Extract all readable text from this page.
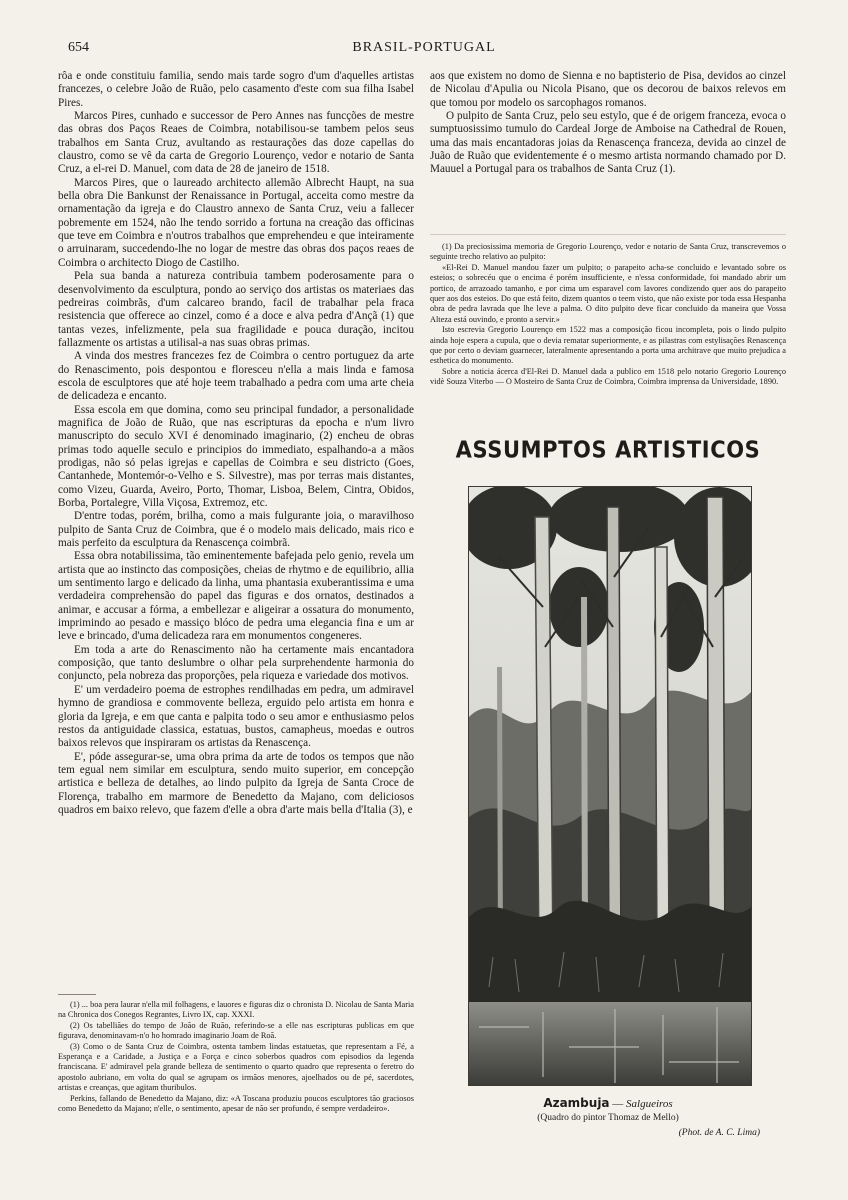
654	BRASIL-PORTUGAL

rôa e onde constituiu familia, sendo mais tarde sogro d'um d'aquelles artistas francezes, o celebre João de Ruão, pelo casamento d'este com sua filha Isabel Pires.

Marcos Pires, cunhado e successor de Pero Annes nas funcções de mestre das obras dos Paços Reaes de Coimbra, notabilisou-se tambem pelos seus trabalhos em Santa Cruz, avultando as restaurações das doze capellas do claustro, como se vê da carta de Gregorio Lourenço, vedor e notario de Santa Cruz, a el-rei D. Manuel, com data de 28 de janeiro de 1518.

Marcos Pires, que o laureado architecto allemão Albrecht Haupt, na sua bella obra Die Bankunst der Renaissance in Portugal, acceita como mestre da ornamentação da igreja e do Claustro annexo de Santa Cruz, veiu a fallecer pobremente em 1524, não lhe tendo sorrido a fortuna na creação das officinas que teve em Coimbra e n'outros trabalhos que emprehendeu e que inteiramente o arruinaram, succedendo-lhe no logar de mestre das obras dos paços reaes de Coimbra o architecto Diogo de Castilho.

Pela sua banda a natureza contribuia tambem poderosamente para o desenvolvimento da esculptura, pondo ao serviço dos artistas os materiaes das pedreiras coimbrãs, d'um calcareo brando, facil de trabalhar pela fraca resistencia que offerece ao cinzel, como é a doce e alva pedra d'Ançã (1) que tantas vezes, infelizmente, pela sua fragilidade e pouca duração, incitou fallazmente os artistas a utilisal-a nas suas obras primas.

A vinda dos mestres francezes fez de Coimbra o centro portuguez da arte do Renascimento, pois despontou e floresceu n'ella a mais linda e famosa escola de esculptores que até hoje teem trabalhado a pedra com uma arte cheia de delicadeza e encanto.

Essa escola em que domina, como seu principal fundador, a personalidade magnifica de João de Ruão, que nas escripturas da epocha e n'um livro manuscripto do seculo XVI é denominado imaginario, (2) encheu de obras primas todo aquelle seculo e principios do immediato, espalhando-a a mãos prodigas, não só pelas igrejas e capellas de Coimbra e seu districto (Goes, Cantanhede, Montemór-o-Velho e S. Silvestre), mas por terras mais distantes, como Vizeu, Guarda, Aveiro, Porto, Thomar, Lisboa, Belem, Cintra, Obidos, Borba, Portalegre, Villa Viçosa, Extremoz, etc.

D'entre todas, porém, brilha, como a mais fulgurante joia, o maravilhoso pulpito de Santa Cruz de Coimbra, que é o modelo mais delicado, mais rico e mais perfeito da esculptura da Renascença coimbrã.

Essa obra notabilissima, tão eminentemente bafejada pelo genio, revela um artista que ao instincto das composições, cheias de rhytmo e de equilibrio, allia um sentimento largo e delicado da linha, uma phantasia exuberantissima e uma verdadeira comprehensão do papel das figuras e dos ornatos, destinados a animar, e accusar a fórma, a embellezar e aligeirar a ossatura do monumento, imprimindo ao pesado e massiço blóco de pedra uma elegancia fina e um ar leve e brincado, d'uma delicadeza rara em monumentos congeneres.

Em toda a arte do Renascimento não ha certamente mais encantadora composição, que tanto deslumbre o olhar pela surprehendente harmonia do conjuncto, pela nobreza das proporções, pela riqueza e variedade dos motivos.

E' um verdadeiro poema de estrophes rendilhadas em pedra, um admiravel hymno de grandiosa e commovente belleza, erguido pelo artista em honra e gloria da Igreja, e em que canta e palpita todo o seu amor e enthusiasmo pelos restos da antiguidade classica, estatuas, bustos, camapheus, moedas e outros baixos relevos que inspiraram os artistas da Renascença.

E', póde assegurar-se, uma obra prima da arte de todos os tempos que não tem egual nem similar em esculptura, sendo muito superior, em concepção artistica e belleza de detalhes, ao lindo pulpito da Igreja de Santa Croce de Florença, trabalho em marmore de Benedetto da Majano, com deliciosos quadros em baixo relevo, que fazem d'elle a obra d'arte mais bella d'Italia (3), e

(1) ... boa pera laurar n'ella mil folhagens, e lauores e figuras diz o chronista D. Nicolau de Santa Maria na Chronica dos Conegos Regrantes, Livro IX, cap. XXXI.

(2) Os tabelliães do tempo de João de Ruão, referindo-se a elle nas escripturas publicas em que figurava, denominavam-n'o ho homrado imaginario Joam de Roã.

(3) Como o de Santa Cruz de Coimbra, ostenta tambem lindas estatuetas, que representam a Fé, a Esperança e a Caridade, a Justiça e a Força e cinco soberbos quadros com episodios da legenda franciscana. E' admiravel pela grande belleza de sentimento o quarto quadro que representa o feretro do apostolo aubriano, em volta do qual se agrupam os irmãos menores, ajoelhados ou de pé, sacerdotes, artistas e creanças, que agitam thuribulos.

Perkins, fallando de Benedetto da Majano, diz: «A Toscana produziu poucos esculptores tão graciosos como Benedetto da Majano; n'elle, o sentimento, apesar de não ser profundo, é sempre verdadeiro».

aos que existem no domo de Sienna e no baptisterio de Pisa, devidos ao cinzel de Nicolau d'Apulia ou Nicola Pisano, que os decorou de baixos relevos em que tomou por modelo os sarcophagos romanos.

O pulpito de Santa Cruz, pelo seu estylo, que é de origem franceza, evoca o sumptuosissimo tumulo do Cardeal Jorge de Amboise na Cathedral de Rouen, uma das mais encantadoras joias da Renascença franceza, devida ao cinzel de Juão de Ruão que evidentemente é o mesmo artista normando chamado por D. Mauuel a Portugal para os trabalhos de Santa Cruz (1).

(1) Da preciosissima memoria de Gregorio Lourenço, vedor e notario de Santa Cruz, transcrevemos o seguinte trecho relativo ao pulpito:

«El-Rei D. Manuel mandou fazer um pulpito; o parapeito acha-se concluido e levantado sobre os esteios; o sobrecéu que o encima é porém insufficiente, e n'essa conformidade, foi mandado abrir um portico, de arrazoado tamanho, e por cima um esparavel com lavores condizendo quer aos do parapeito quer aos dos esteios. Do que está feito, dizem quantos o teem visto, que não existe por toda essa Hespanha obra de pedra lavrada que lhe leve a palma. O dito pulpito deve ficar concluido da maneira que Vossa Alteza está ouvindo, e pronto a servir.»

Isto escrevia Gregorio Lourenço em 1522 mas a composição ficou incompleta, pois o lindo pulpito ainda hoje espera a cupula, que o devia rematar superiormente, e as pilastras com estylisações Renascença que por certo o deviam guarnecer, lateralmente apresentando a porta uma architrave que muito prejudica a esthetica do monumento.

Sobre a noticia ácerca d'El-Rei D. Manuel dada a publico em 1518 pelo notario Gregorio Lourenço vidè Souza Viterbo — O Mosteiro de Santa Cruz de Coimbra, Coimbra imprensa da Universidade, 1890.

ASSUMPTOS ARTISTICOS
Azambuja — Salgueiros
(Quadro do pintor Thomaz de Mello)
(Phot. de A. C. Lima)
